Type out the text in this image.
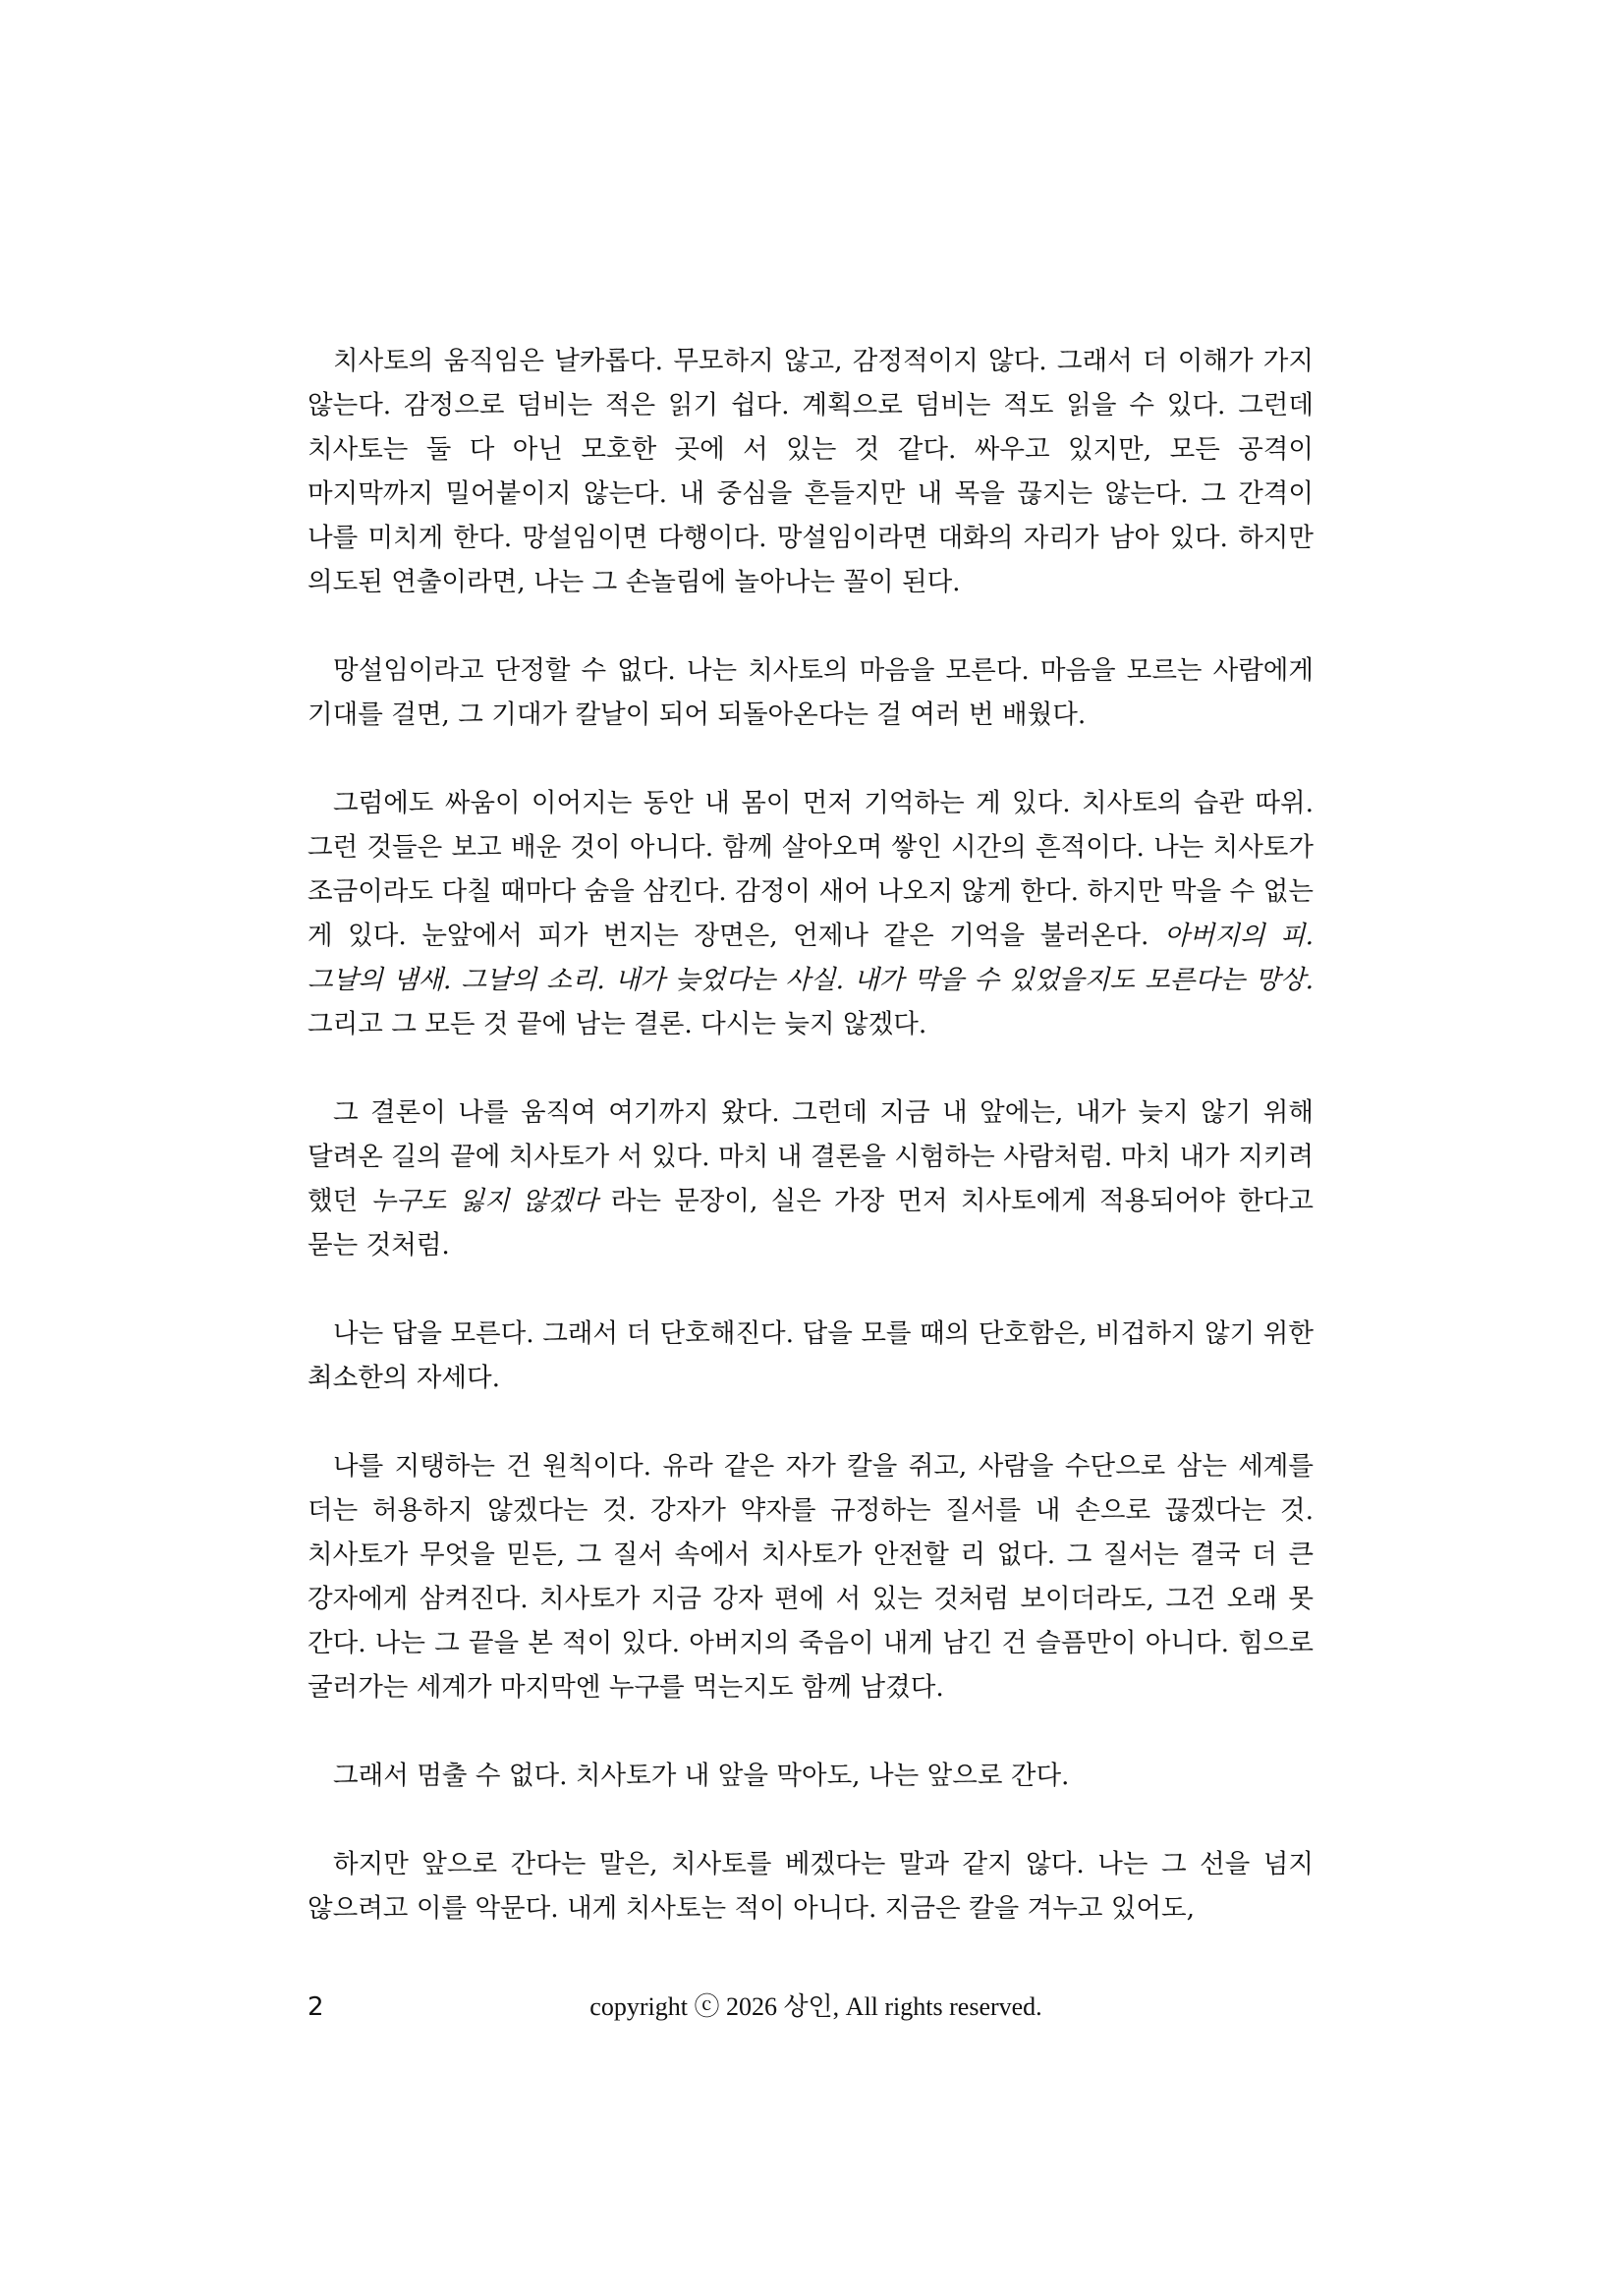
치사토의 움직임은 날카롭다. 무모하지 않고, 감정적이지 않다. 그래서 더 이해가 가지 않는다. 감정으로 덤비는 적은 읽기 쉽다. 계획으로 덤비는 적도 읽을 수 있다. 그런데 치사토는 둘 다 아닌 모호한 곳에 서 있는 것 같다. 싸우고 있지만, 모든 공격이 마지막까지 밀어붙이지 않는다. 내 중심을 흔들지만 내 목을 끊지는 않는다. 그 간격이 나를 미치게 한다. 망설임이면 다행이다. 망설임이라면 대화의 자리가 남아 있다. 하지만 의도된 연출이라면, 나는 그 손놀림에 놀아나는 꼴이 된다.

망설임이라고 단정할 수 없다. 나는 치사토의 마음을 모른다. 마음을 모르는 사람에게 기대를 걸면, 그 기대가 칼날이 되어 되돌아온다는 걸 여러 번 배웠다.

그럼에도 싸움이 이어지는 동안 내 몸이 먼저 기억하는 게 있다. 치사토의 습관 따위. 그런 것들은 보고 배운 것이 아니다. 함께 살아오며 쌓인 시간의 흔적이다. 나는 치사토가 조금이라도 다칠 때마다 숨을 삼킨다. 감정이 새어 나오지 않게 한다. 하지만 막을 수 없는 게 있다. 눈앞에서 피가 번지는 장면은, 언제나 같은 기억을 불러온다. 아버지의 피. 그날의 냄새. 그날의 소리. 내가 늦었다는 사실. 내가 막을 수 있었을지도 모른다는 망상. 그리고 그 모든 것 끝에 남는 결론. 다시는 늦지 않겠다.

그 결론이 나를 움직여 여기까지 왔다. 그런데 지금 내 앞에는, 내가 늦지 않기 위해 달려온 길의 끝에 치사토가 서 있다. 마치 내 결론을 시험하는 사람처럼. 마치 내가 지키려 했던 누구도 잃지 않겠다 라는 문장이, 실은 가장 먼저 치사토에게 적용되어야 한다고 묻는 것처럼.

나는 답을 모른다. 그래서 더 단호해진다. 답을 모를 때의 단호함은, 비겁하지 않기 위한 최소한의 자세다.

나를 지탱하는 건 원칙이다. 유라 같은 자가 칼을 쥐고, 사람을 수단으로 삼는 세계를 더는 허용하지 않겠다는 것. 강자가 약자를 규정하는 질서를 내 손으로 끊겠다는 것. 치사토가 무엇을 믿든, 그 질서 속에서 치사토가 안전할 리 없다. 그 질서는 결국 더 큰 강자에게 삼켜진다. 치사토가 지금 강자 편에 서 있는 것처럼 보이더라도, 그건 오래 못 간다. 나는 그 끝을 본 적이 있다. 아버지의 죽음이 내게 남긴 건 슬픔만이 아니다. 힘으로 굴러가는 세계가 마지막엔 누구를 먹는지도 함께 남겼다.

그래서 멈출 수 없다. 치사토가 내 앞을 막아도, 나는 앞으로 간다.

하지만 앞으로 간다는 말은, 치사토를 베겠다는 말과 같지 않다. 나는 그 선을 넘지 않으려고 이를 악문다. 내게 치사토는 적이 아니다. 지금은 칼을 겨누고 있어도,

2	copyright ⓒ 2026 상인, All rights reserved.
